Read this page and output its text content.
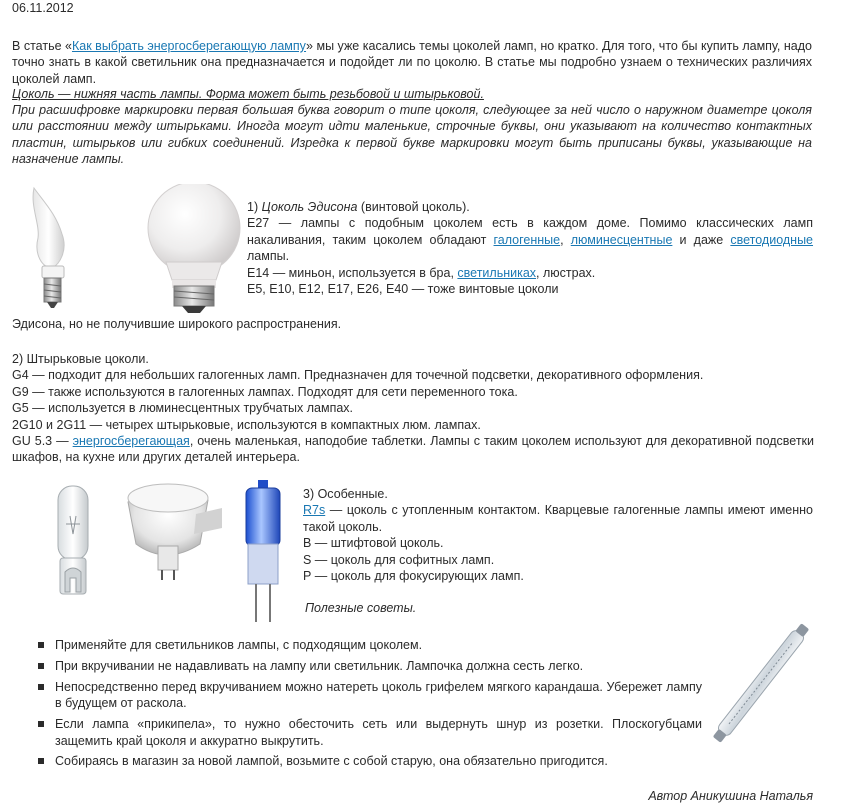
06.11.2012

В статье «Как выбрать энергосберегающую лампу» мы уже касались темы цоколей ламп, но кратко. Для того, что бы купить лампу, надо точно знать в какой светильник она предназначается и подойдет ли по цоколю. В статье мы подробно узнаем о технических различиях цоколей ламп.

Цоколь — нижняя часть лампы. Форма может быть резьбовой и штырьковой.

При расшифровке маркировки первая большая буква говорит о типе цоколя, следующее за ней число о наружном диаметре цоколя или расстоянии между штырьками. Иногда могут идти маленькие, строчные буквы, они указывают на количество контактных пластин, штырьков или гибких соединений. Изредка к первой букве маркировки могут быть приписаны буквы, указывающие на назначение лампы.

1) Цоколь Эдисона (винтовой цоколь).

Е27 — лампы с подобным цоколем есть в каждом доме. Помимо классических ламп накаливания, таким цоколем обладают галогенные, люминесцентные и даже светодиодные лампы.

Е14 — миньон, используется в бра, светильниках, люстрах.
Е5, Е10, Е12, Е17, Е26, Е40 — тоже винтовые цоколи
Эдисона, но не получившие широкого распространения.
2) Штырьковые цоколи.
G4 — подходит для небольших галогенных ламп. Предназначен для точечной подсветки, декоративного оформления.
G9 — также используются в галогенных лампах. Подходят для сети переменного тока.
G5 — используется в люминесцентных трубчатых лампах.
2G10 и 2G11 — четырех штырьковые, используются в компактных люм. лампах.

GU 5.3 — энергосберегающая, очень маленькая, наподобие таблетки. Лампы с таким цоколем используют для декоративной подсветки шкафов, на кухне или других деталей интерьера.

3) Особенные.

R7s — цоколь с утопленным контактом. Кварцевые галогенные лампы имеют именно такой цоколь.

В — штифтовой цоколь.
S — цоколь для софитных ламп.
Р — цоколь для фокусирующих ламп.
Полезные советы.
Применяйте для светильников лампы, с подходящим цоколем.
При вкручивании не надавливать на лампу или светильник. Лампочка должна сесть легко.
Непосредственно перед вкручиванием можно натереть цоколь грифелем мягкого карандаша. Убережет лампу в будущем от раскола.
Если лампа «прикипела», то нужно обесточить сеть или выдернуть шнур из розетки. Плоскогубцами защемить край цоколя и аккуратно выкрутить.
Собираясь в магазин за новой лампой, возьмите с собой старую, она обязательно пригодится.
Автор Аникушина Наталья
